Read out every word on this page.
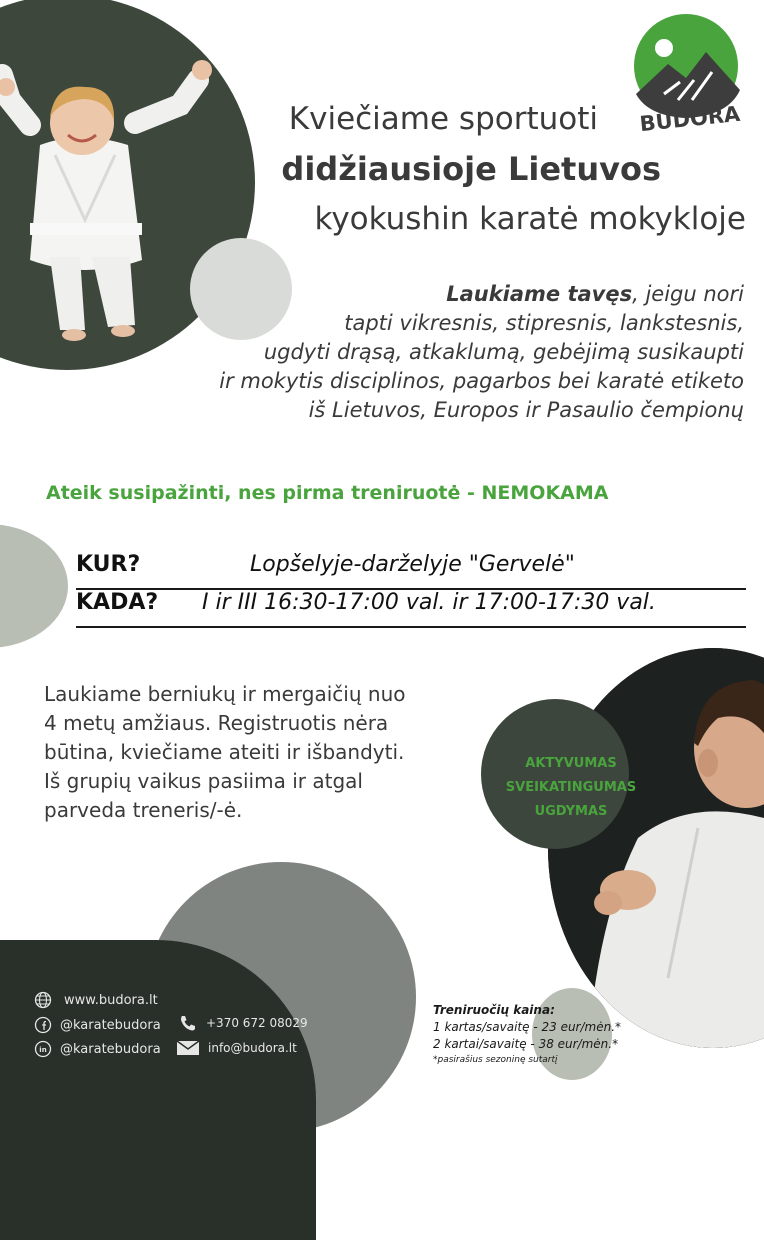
BUDORA
Kviečiame sportuoti
didžiausioje Lietuvos
kyokushin karatė mokykloje

Laukiame tavęs, jeigu nori

tapti vikresnis, stipresnis, lankstesnis,

ugdyti drąsą, atkaklumą, gebėjimą susikaupti

ir mokytis disciplinos, pagarbos bei karatė etiketo

iš Lietuvos, Europos ir Pasaulio čempionų

Ateik susipažinti, nes pirma treniruotė - NEMOKAMA
KUR?	Lopšelyje-darželyje "Gervelė"
KADA? I ir III 16:30-17:00 val. ir 17:00-17:30 val.

Laukiame berniukų ir mergaičių nuo

4 metų amžiaus. Registruotis nėra

būtina, kviečiame ateiti ir išbandyti.

Iš grupių vaikus pasiima ir atgal

parveda treneris/-ė.

AKTYVUMAS
SVEIKATINGUMAS
UGDYMAS
www.budora.lt
@karatebudora
in @karatebudora
+370 672 08029
info@budora.lt
Treniruočių kaina:
1 kartas/savaitę - 23 eur/mėn.*
2 kartai/savaitę - 38 eur/mėn.*
*pasirašius sezoninę sutartį
